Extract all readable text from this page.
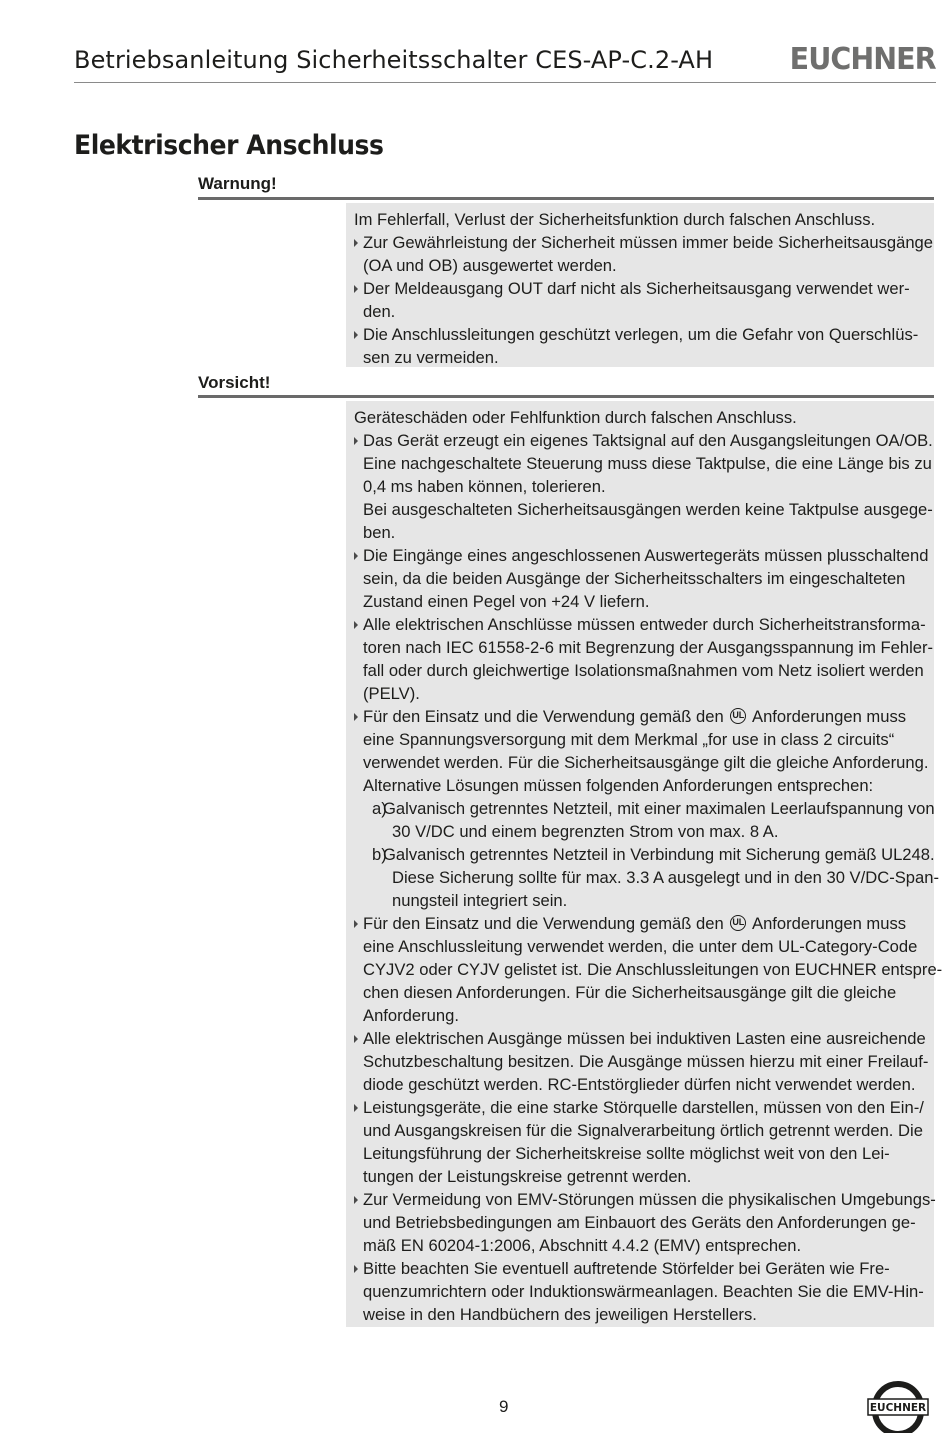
Betriebsanleitung Sicherheitsschalter CES-AP-C.2-AH	EUCHNER
Elektrischer Anschluss
Warnung!
Im Fehlerfall, Verlust der Sicherheitsfunktion durch falschen Anschluss.
Zur Gewährleistung der Sicherheit müssen immer beide Sicherheitsausgänge
(OA und OB) ausgewertet werden.
Der Meldeausgang OUT darf nicht als Sicherheitsausgang verwendet wer-
den.
Die Anschlussleitungen geschützt verlegen, um die Gefahr von Querschlüs-
sen zu vermeiden.
Vorsicht!
Geräteschäden oder Fehlfunktion durch falschen Anschluss.
Das Gerät erzeugt ein eigenes Taktsignal auf den Ausgangsleitungen OA/OB.
Eine nachgeschaltete Steuerung muss diese Taktpulse, die eine Länge bis zu
0,4 ms haben können, tolerieren.
Bei ausgeschalteten Sicherheitsausgängen werden keine Taktpulse ausgege-
ben.
Die Eingänge eines angeschlossenen Auswertegeräts müssen plusschaltend
sein, da die beiden Ausgänge der Sicherheitsschalters im eingeschalteten
Zustand einen Pegel von +24 V liefern.
Alle elektrischen Anschlüsse müssen entweder durch Sicherheitstransforma-
toren nach IEC 61558-2-6 mit Begrenzung der Ausgangsspannung im Fehler-
fall oder durch gleichwertige Isolationsmaßnahmen vom Netz isoliert werden
(PELV).
Für den Einsatz und die Verwendung gemäß den UL Anforderungen muss
eine Spannungsversorgung mit dem Merkmal „for use in class 2 circuits“
verwendet werden. Für die Sicherheitsausgänge gilt die gleiche Anforderung.
Alternative Lösungen müssen folgenden Anforderungen entsprechen:
a)
Galvanisch getrenntes Netzteil, mit einer maximalen Leerlaufspannung von
30 V/DC und einem begrenzten Strom von max. 8 A.
b)
Galvanisch getrenntes Netzteil in Verbindung mit Sicherung gemäß UL248.
Diese Sicherung sollte für max. 3.3 A ausgelegt und in den 30 V/DC-Span-
nungsteil integriert sein.
Für den Einsatz und die Verwendung gemäß den UL Anforderungen muss
eine Anschlussleitung verwendet werden, die unter dem UL-Category-Code
CYJV2 oder CYJV gelistet ist. Die Anschlussleitungen von EUCHNER entspre-
chen diesen Anforderungen. Für die Sicherheitsausgänge gilt die gleiche
Anforderung.
Alle elektrischen Ausgänge müssen bei induktiven Lasten eine ausreichende
Schutzbeschaltung besitzen. Die Ausgänge müssen hierzu mit einer Freilauf-
diode geschützt werden. RC-Entstörglieder dürfen nicht verwendet werden.
Leistungsgeräte, die eine starke Störquelle darstellen, müssen von den Ein-/
und Ausgangskreisen für die Signalverarbeitung örtlich getrennt werden. Die
Leitungsführung der Sicherheitskreise sollte möglichst weit von den Lei-
tungen der Leistungskreise getrennt werden.
Zur Vermeidung von EMV-Störungen müssen die physikalischen Umgebungs-
und Betriebsbedingungen am Einbauort des Geräts den Anforderungen ge-
mäß EN 60204-1:2006, Abschnitt 4.4.2 (EMV) entsprechen.
Bitte beachten Sie eventuell auftretende Störfelder bei Geräten wie Fre-
quenzumrichtern oder Induktionswärmeanlagen. Beachten Sie die EMV-Hin-
weise in den Handbüchern des jeweiligen Herstellers.
9	EUCHNER
